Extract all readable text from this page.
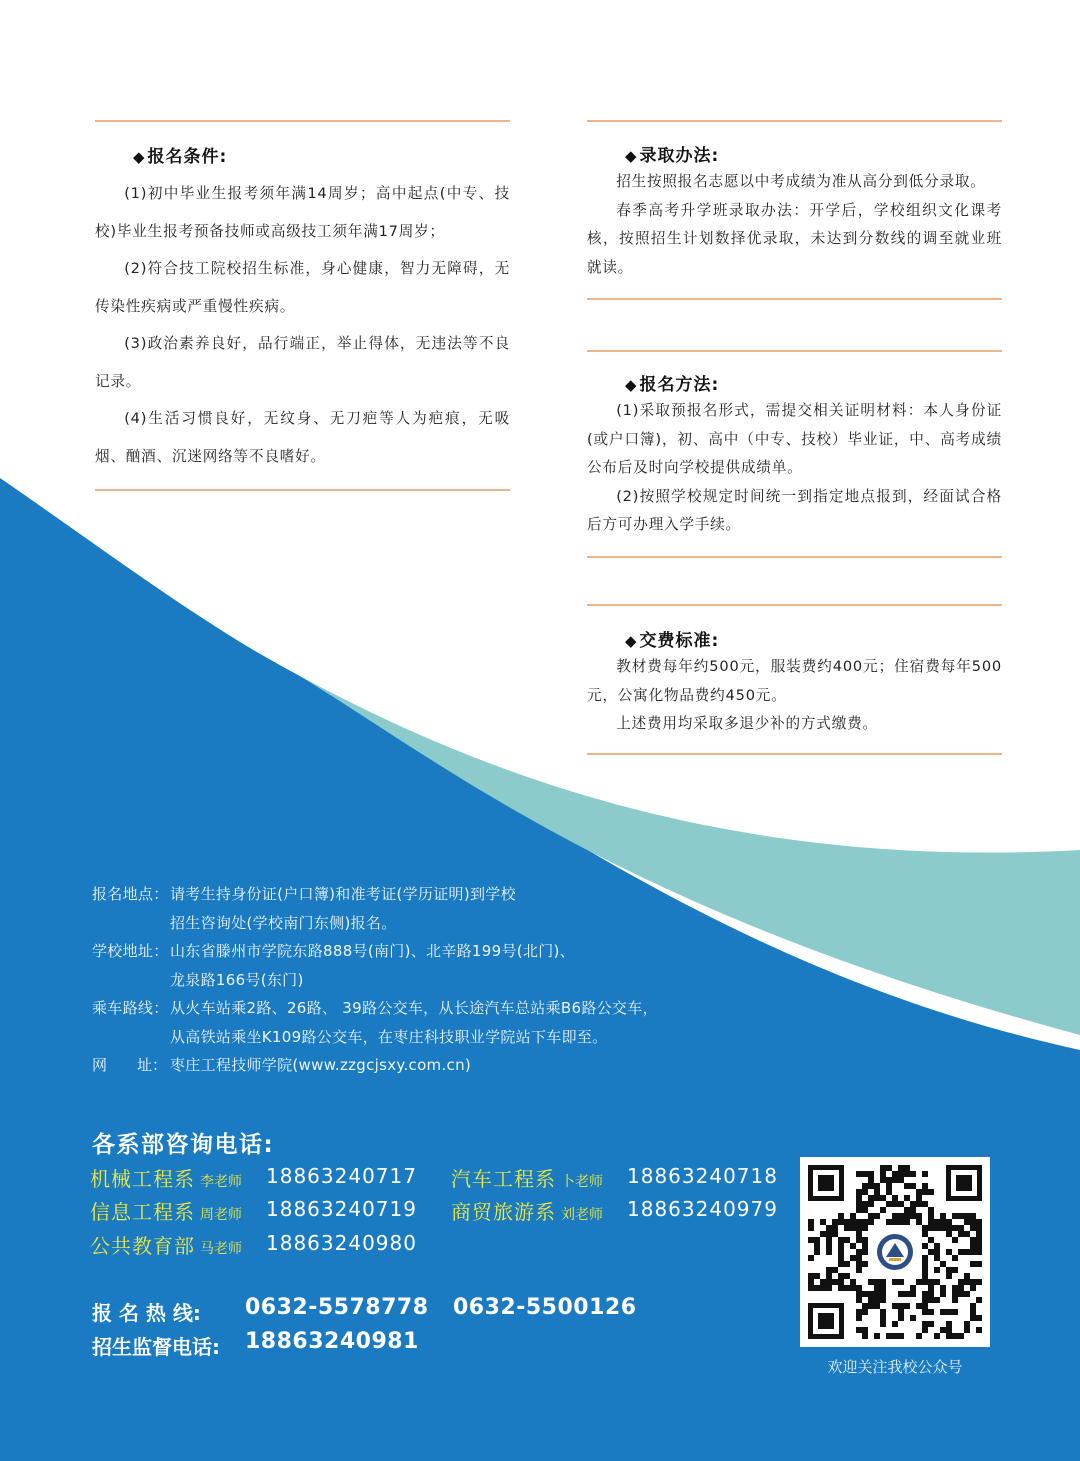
◆ 报名条件:
(1)初中毕业生报考须年满14周岁；高中起点(中专、技校)毕业生报考预备技师或高级技工须年满17周岁；
(2)符合技工院校招生标准，身心健康，智力无障碍，无传染性疾病或严重慢性疾病。
(3)政治素养良好，品行端正，举止得体，无违法等不良记录。
(4)生活习惯良好，无纹身、无刀疤等人为疤痕，无吸烟、酗酒、沉迷网络等不良嗜好。
◆ 录取办法:
招生按照报名志愿以中考成绩为准从高分到低分录取。
春季高考升学班录取办法：开学后，学校组织文化课考核，按照招生计划数择优录取，未达到分数线的调至就业班就读。
◆ 报名方法:
(1)采取预报名形式，需提交相关证明材料：本人身份证(或户口簿)，初、高中（中专、技校）毕业证，中、高考成绩公布后及时向学校提供成绩单。
(2)按照学校规定时间统一到指定地点报到，经面试合格后方可办理入学手续。
◆ 交费标准:
教材费每年约500元，服装费约400元；住宿费每年500元，公寓化物品费约450元。
上述费用均采取多退少补的方式缴费。
报名地点： 请考生持身份证(户口簿)和准考证(学历证明)到学校
招生咨询处(学校南门东侧)报名。
学校地址： 山东省滕州市学院东路888号(南门)、北辛路199号(北门)、
龙泉路166号(东门)
乘车路线： 从火车站乘2路、26路、 39路公交车，从长途汽车总站乘B6路公交车，
从高铁站乘坐K109路公交车，在枣庄科技职业学院站下车即至。
网　　址： 枣庄工程技师学院(www.zzgcjsxy.com.cn)
各系部咨询电话:
机械工程系 李老师 18863240717 汽车工程系 卜老师 18863240718
信息工程系 周老师 18863240719 商贸旅游系 刘老师 18863240979
公共教育部 马老师 18863240980
报 名 热 线: 0632-5578778 0632-5500126
招生监督电话: 18863240981
欢迎关注我校公众号
